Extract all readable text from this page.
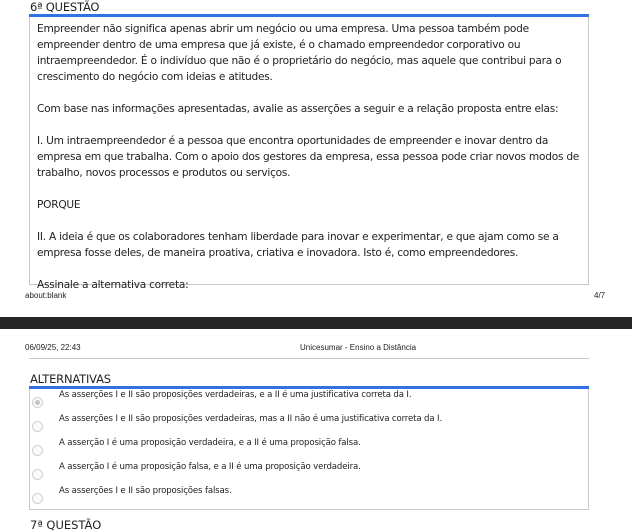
6ª QUESTÃO

Empreender não significa apenas abrir um negócio ou uma empresa. Uma pessoa também pode empreender dentro de uma empresa que já existe, é o chamado empreendedor corporativo ou intraempreendedor. É o indivíduo que não é o proprietário do negócio, mas aquele que contribui para o crescimento do negócio com ideias e atitudes.

Com base nas informações apresentadas, avalie as asserções a seguir e a relação proposta entre elas:

I. Um intraempreendedor é a pessoa que encontra oportunidades de empreender e inovar dentro da empresa em que trabalha. Com o apoio dos gestores da empresa, essa pessoa pode criar novos modos de trabalho, novos processos e produtos ou serviços.

PORQUE

II. A ideia é que os colaboradores tenham liberdade para inovar e experimentar, e que ajam como se a empresa fosse deles, de maneira proativa, criativa e inovadora. Isto é, como empreendedores.

Assinale a alternativa correta:

about:blank	4/7
06/09/25, 22:43	Unicesumar - Ensino a Distância
ALTERNATIVAS
As asserções I e II são proposições verdadeiras, e a II é uma justificativa correta da I.
As asserções I e II são proposições verdadeiras, mas a II não é uma justificativa correta da I.
A asserção I é uma proposição verdadeira, e a II é uma proposição falsa.
A asserção I é uma proposição falsa, e a II é uma proposição verdadeira.
As asserções I e II são proposições falsas.
7ª QUESTÃO
